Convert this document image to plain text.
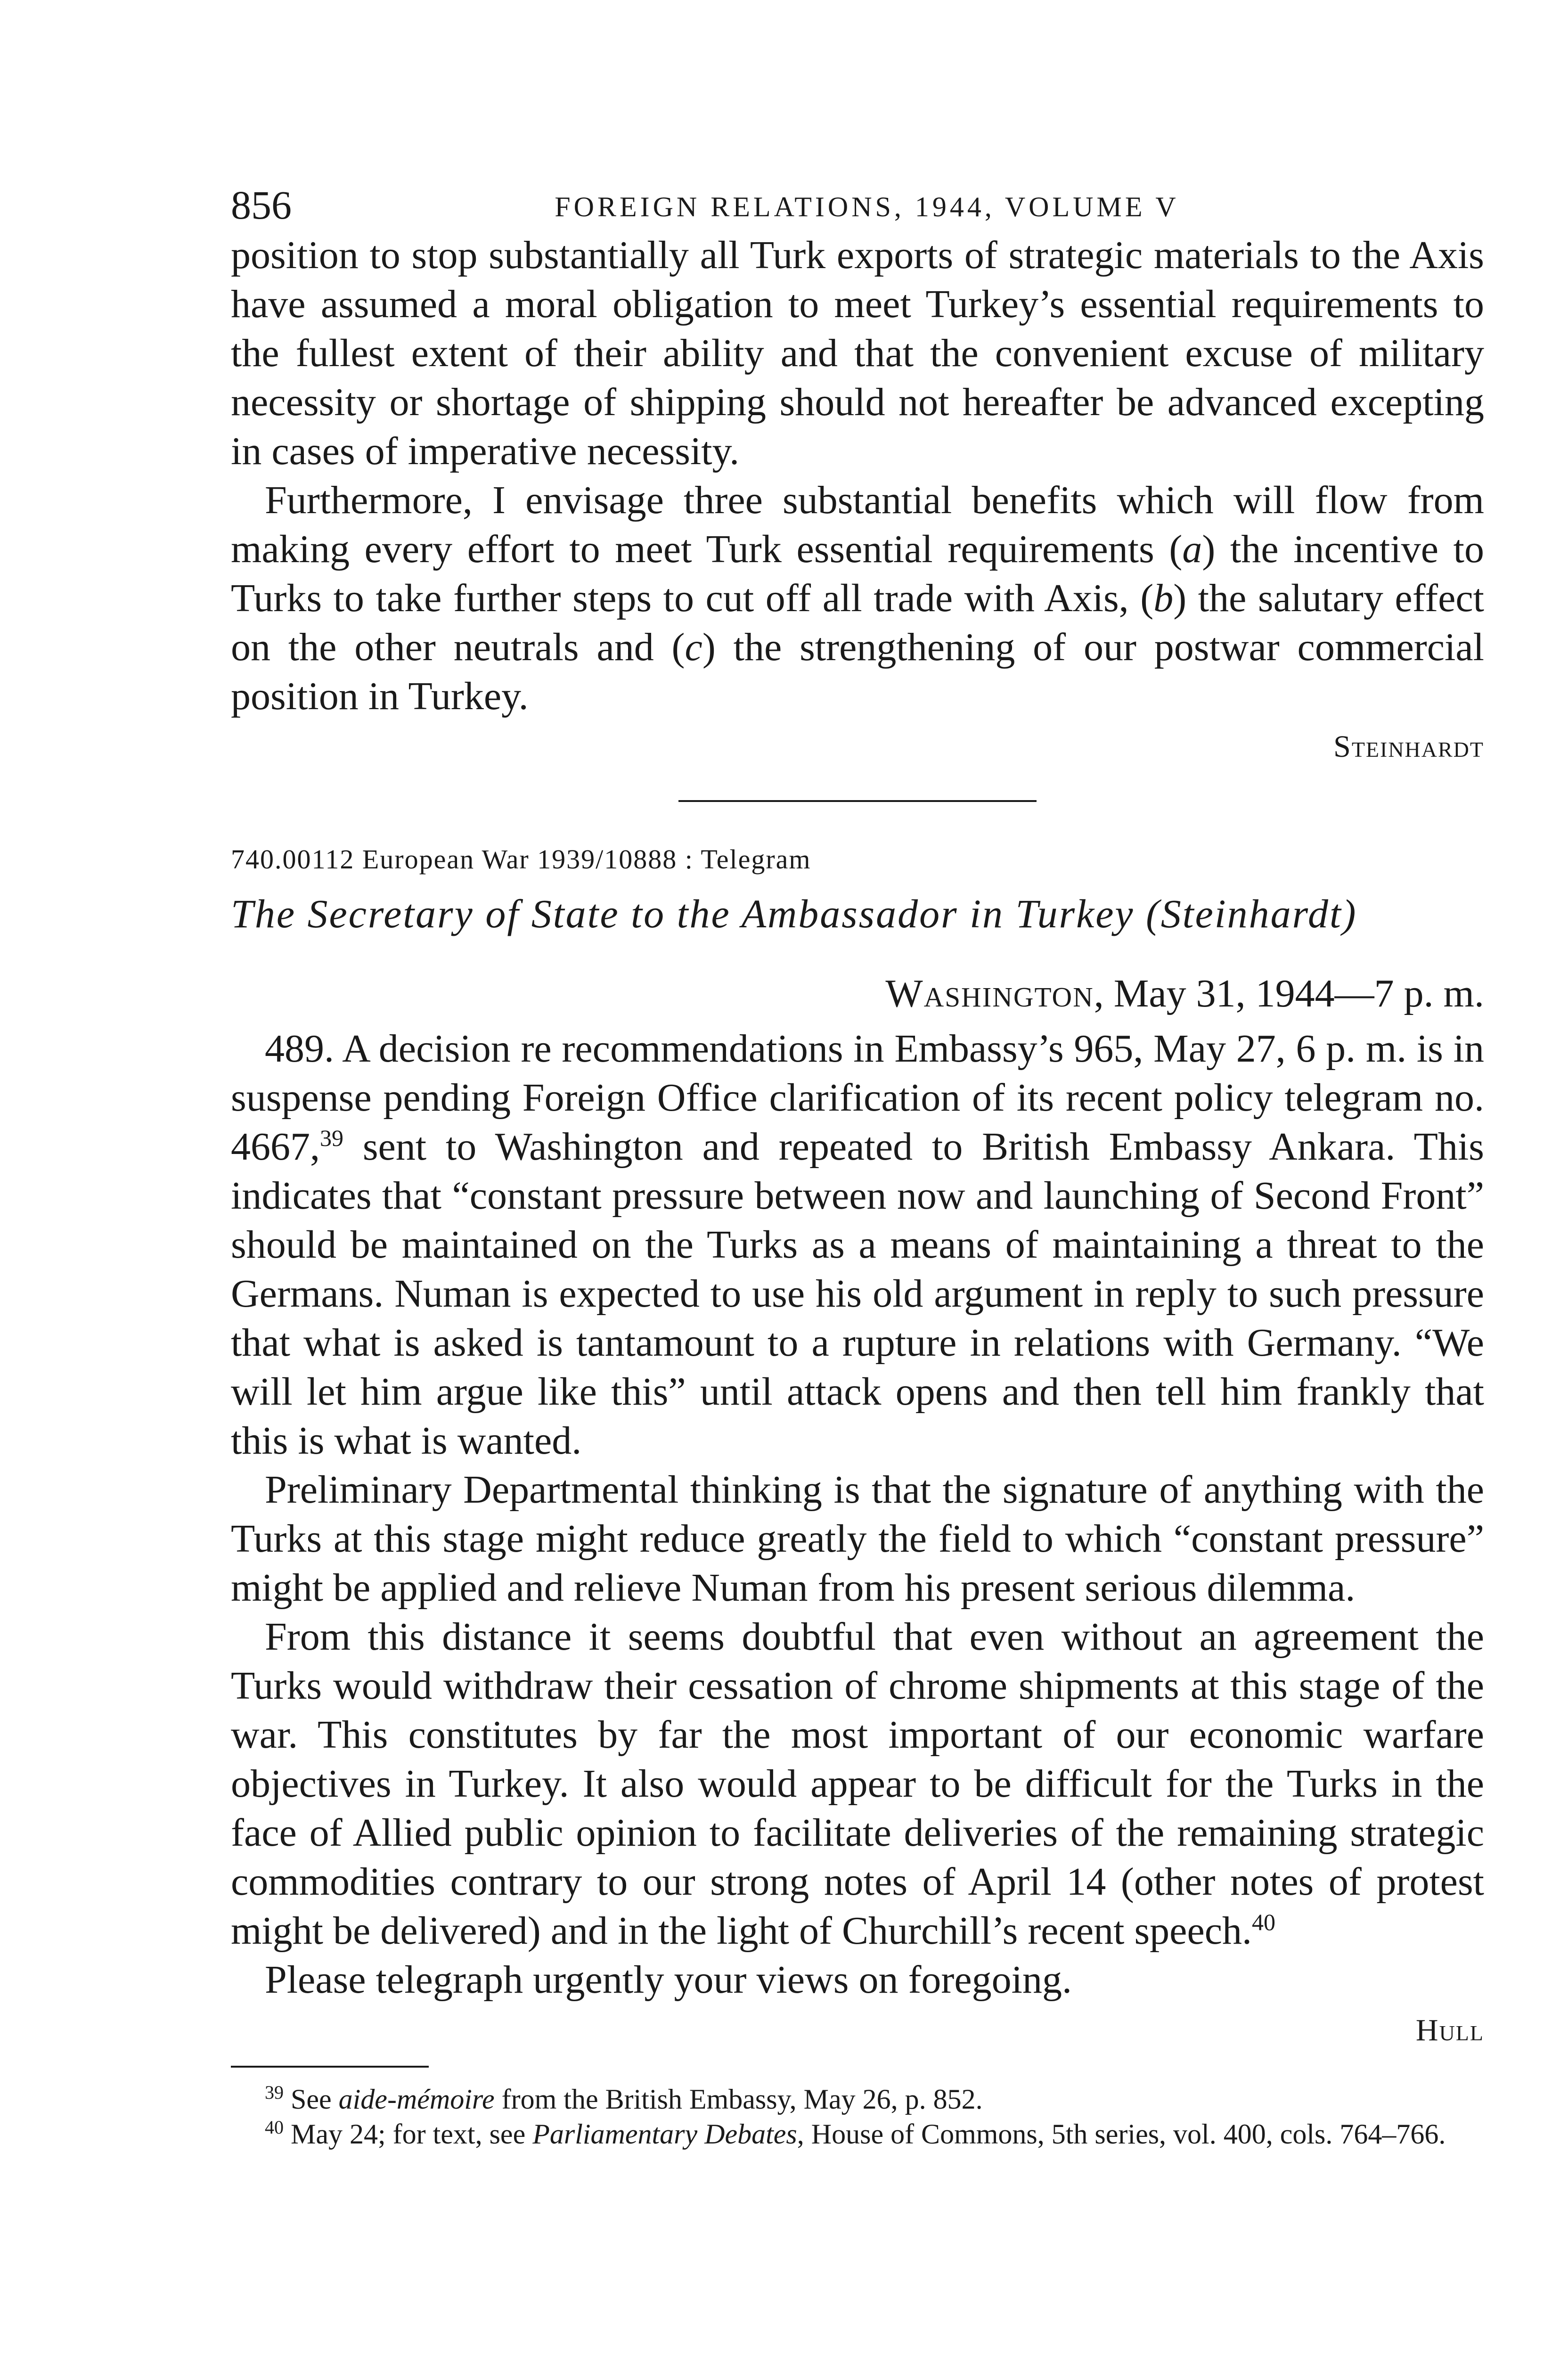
856	FOREIGN RELATIONS, 1944, VOLUME V

position to stop substantially all Turk exports of strategic materials to the Axis have assumed a moral obligation to meet Turkey’s essential requirements to the fullest extent of their ability and that the convenient excuse of military necessity or shortage of shipping should not hereafter be advanced excepting in cases of imperative necessity.

Furthermore, I envisage three substantial benefits which will flow from making every effort to meet Turk essential requirements (a) the incentive to Turks to take further steps to cut off all trade with Axis, (b) the salutary effect on the other neutrals and (c) the strengthening of our postwar commercial position in Turkey.

Steinhardt

740.00112 European War 1939/10888 : Telegram

The Secretary of State to the Ambassador in Turkey (Steinhardt)

Washington, May 31, 1944—7 p. m.

489. A decision re recommendations in Embassy’s 965, May 27, 6 p. m. is in suspense pending Foreign Office clarification of its recent policy telegram no. 4667,39 sent to Washington and repeated to British Embassy Ankara. This indicates that “constant pressure between now and launching of Second Front” should be maintained on the Turks as a means of maintaining a threat to the Germans. Numan is expected to use his old argument in reply to such pressure that what is asked is tantamount to a rupture in relations with Germany. “We will let him argue like this” until attack opens and then tell him frankly that this is what is wanted.

Preliminary Departmental thinking is that the signature of anything with the Turks at this stage might reduce greatly the field to which “constant pressure” might be applied and relieve Numan from his present serious dilemma.

From this distance it seems doubtful that even without an agreement the Turks would withdraw their cessation of chrome shipments at this stage of the war. This constitutes by far the most important of our economic warfare objectives in Turkey. It also would appear to be difficult for the Turks in the face of Allied public opinion to facilitate deliveries of the remaining strategic commodities contrary to our strong notes of April 14 (other notes of protest might be delivered) and in the light of Churchill’s recent speech.$^{40}$

Please telegraph urgently your views on foregoing.

Hull

$^{39}$ See aide-mémoire from the British Embassy, May 26, p. 852.

$^{40}$ May 24; for text, see Parliamentary Debates, House of Commons, 5th series, vol. 400, cols. 764–766.
